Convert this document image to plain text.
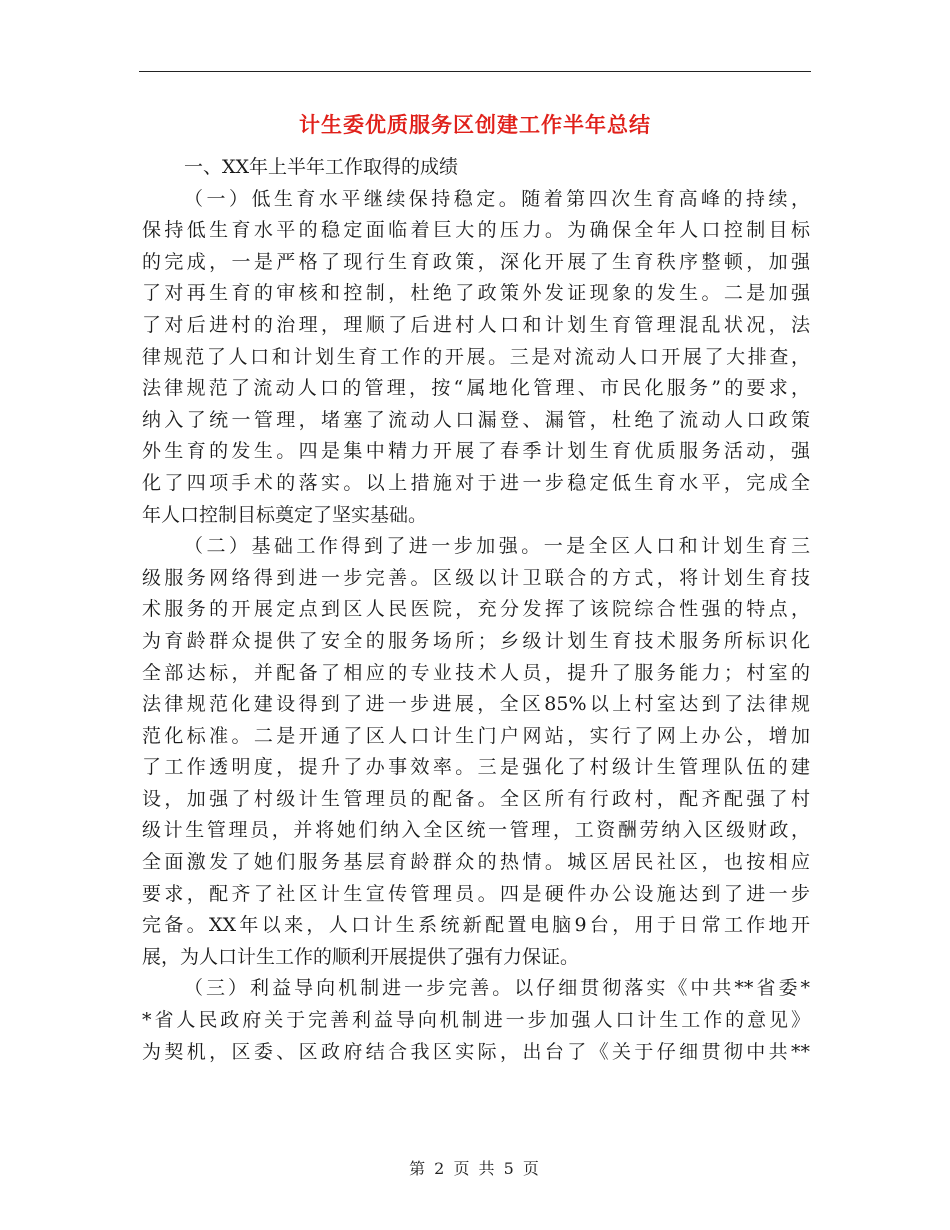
计生委优质服务区创建工作半年总结
一、XX年上半年工作取得的成绩
（一）低生育水平继续保持稳定。随着第四次生育高峰的持续，
保持低生育水平的稳定面临着巨大的压力。为确保全年人口控制目标
的完成，一是严格了现行生育政策，深化开展了生育秩序整顿，加强
了对再生育的审核和控制，杜绝了政策外发证现象的发生。二是加强
了对后进村的治理，理顺了后进村人口和计划生育管理混乱状况，法
律规范了人口和计划生育工作的开展。三是对流动人口开展了大排查，
法律规范了流动人口的管理，按“属地化管理、市民化服务”的要求，
纳入了统一管理，堵塞了流动人口漏登、漏管，杜绝了流动人口政策
外生育的发生。四是集中精力开展了春季计划生育优质服务活动，强
化了四项手术的落实。以上措施对于进一步稳定低生育水平，完成全
年人口控制目标奠定了坚实基础。
（二）基础工作得到了进一步加强。一是全区人口和计划生育三
级服务网络得到进一步完善。区级以计卫联合的方式，将计划生育技
术服务的开展定点到区人民医院，充分发挥了该院综合性强的特点，
为育龄群众提供了安全的服务场所；乡级计划生育技术服务所标识化
全部达标，并配备了相应的专业技术人员，提升了服务能力；村室的
法律规范化建设得到了进一步进展，全区85%以上村室达到了法律规
范化标准。二是开通了区人口计生门户网站，实行了网上办公，增加
了工作透明度，提升了办事效率。三是强化了村级计生管理队伍的建
设，加强了村级计生管理员的配备。全区所有行政村，配齐配强了村
级计生管理员，并将她们纳入全区统一管理，工资酬劳纳入区级财政，
全面激发了她们服务基层育龄群众的热情。城区居民社区，也按相应
要求，配齐了社区计生宣传管理员。四是硬件办公设施达到了进一步
完备。XX年以来，人口计生系统新配置电脑9台，用于日常工作地开
展，为人口计生工作的顺利开展提供了强有力保证。
（三）利益导向机制进一步完善。以仔细贯彻落实《中共**省委*
*省人民政府关于完善利益导向机制进一步加强人口计生工作的意见》
为契机，区委、区政府结合我区实际，出台了《关于仔细贯彻中共**
第 2 页 共 5 页
